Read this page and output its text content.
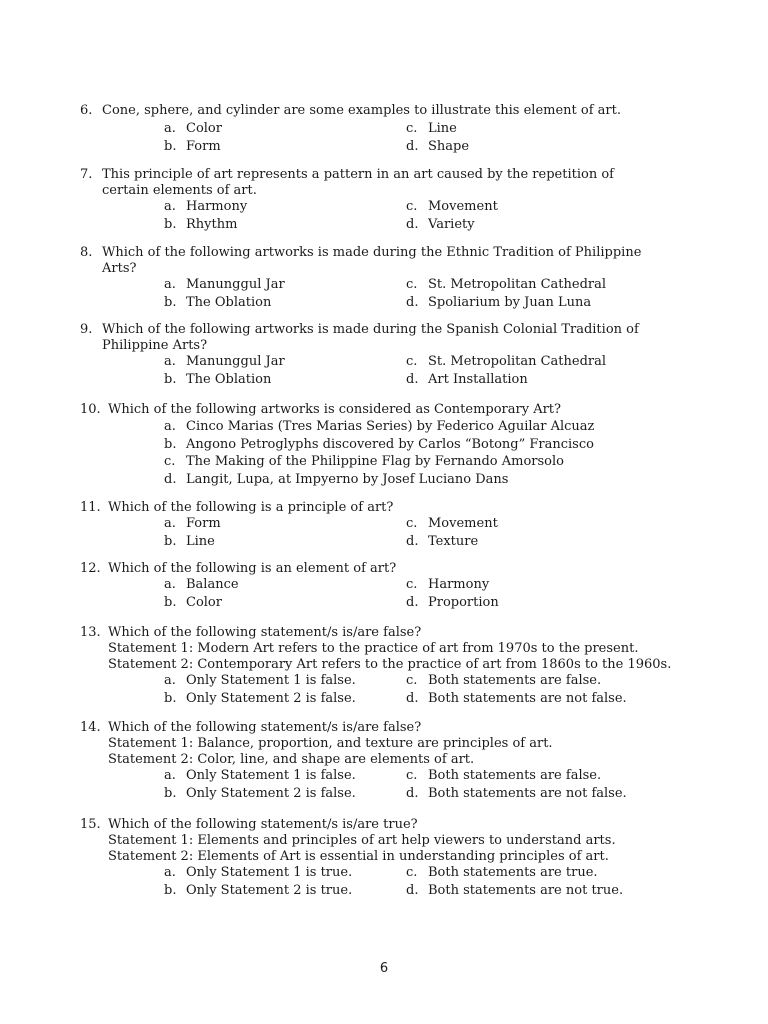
6. Cone, sphere, and cylinder are some examples to illustrate this element of art.
a. Color	c. Line
b. Form	d. Shape
7. This principle of art represents a pattern in an art caused by the repetition of
certain elements of art.
a. Harmony	c. Movement
b. Rhythm	d. Variety
8. Which of the following artworks is made during the Ethnic Tradition of Philippine
Arts?
a. Manunggul Jar	c. St. Metropolitan Cathedral
b. The Oblation	d. Spoliarium by Juan Luna
9. Which of the following artworks is made during the Spanish Colonial Tradition of
Philippine Arts?
a. Manunggul Jar	c. St. Metropolitan Cathedral
b. The Oblation	d. Art Installation
10. Which of the following artworks is considered as Contemporary Art?
a. Cinco Marias (Tres Marias Series) by Federico Aguilar Alcuaz
b. Angono Petroglyphs discovered by Carlos “Botong” Francisco
c. The Making of the Philippine Flag by Fernando Amorsolo
d. Langit, Lupa, at Impyerno by Josef Luciano Dans
11. Which of the following is a principle of art?
a. Form	c. Movement
b. Line	d. Texture
12. Which of the following is an element of art?
a. Balance	c. Harmony
b. Color	d. Proportion
13. Which of the following statement/s is/are false?
Statement 1: Modern Art refers to the practice of art from 1970s to the present.
Statement 2: Contemporary Art refers to the practice of art from 1860s to the 1960s.
a. Only Statement 1 is false.	c. Both statements are false.
b. Only Statement 2 is false.	d. Both statements are not false.
14. Which of the following statement/s is/are false?
Statement 1: Balance, proportion, and texture are principles of art.
Statement 2: Color, line, and shape are elements of art.
a. Only Statement 1 is false.	c. Both statements are false.
b. Only Statement 2 is false.	d. Both statements are not false.
15. Which of the following statement/s is/are true?
Statement 1: Elements and principles of art help viewers to understand arts.
Statement 2: Elements of Art is essential in understanding principles of art.
a. Only Statement 1 is true.	c. Both statements are true.
b. Only Statement 2 is true.	d. Both statements are not true.
6
